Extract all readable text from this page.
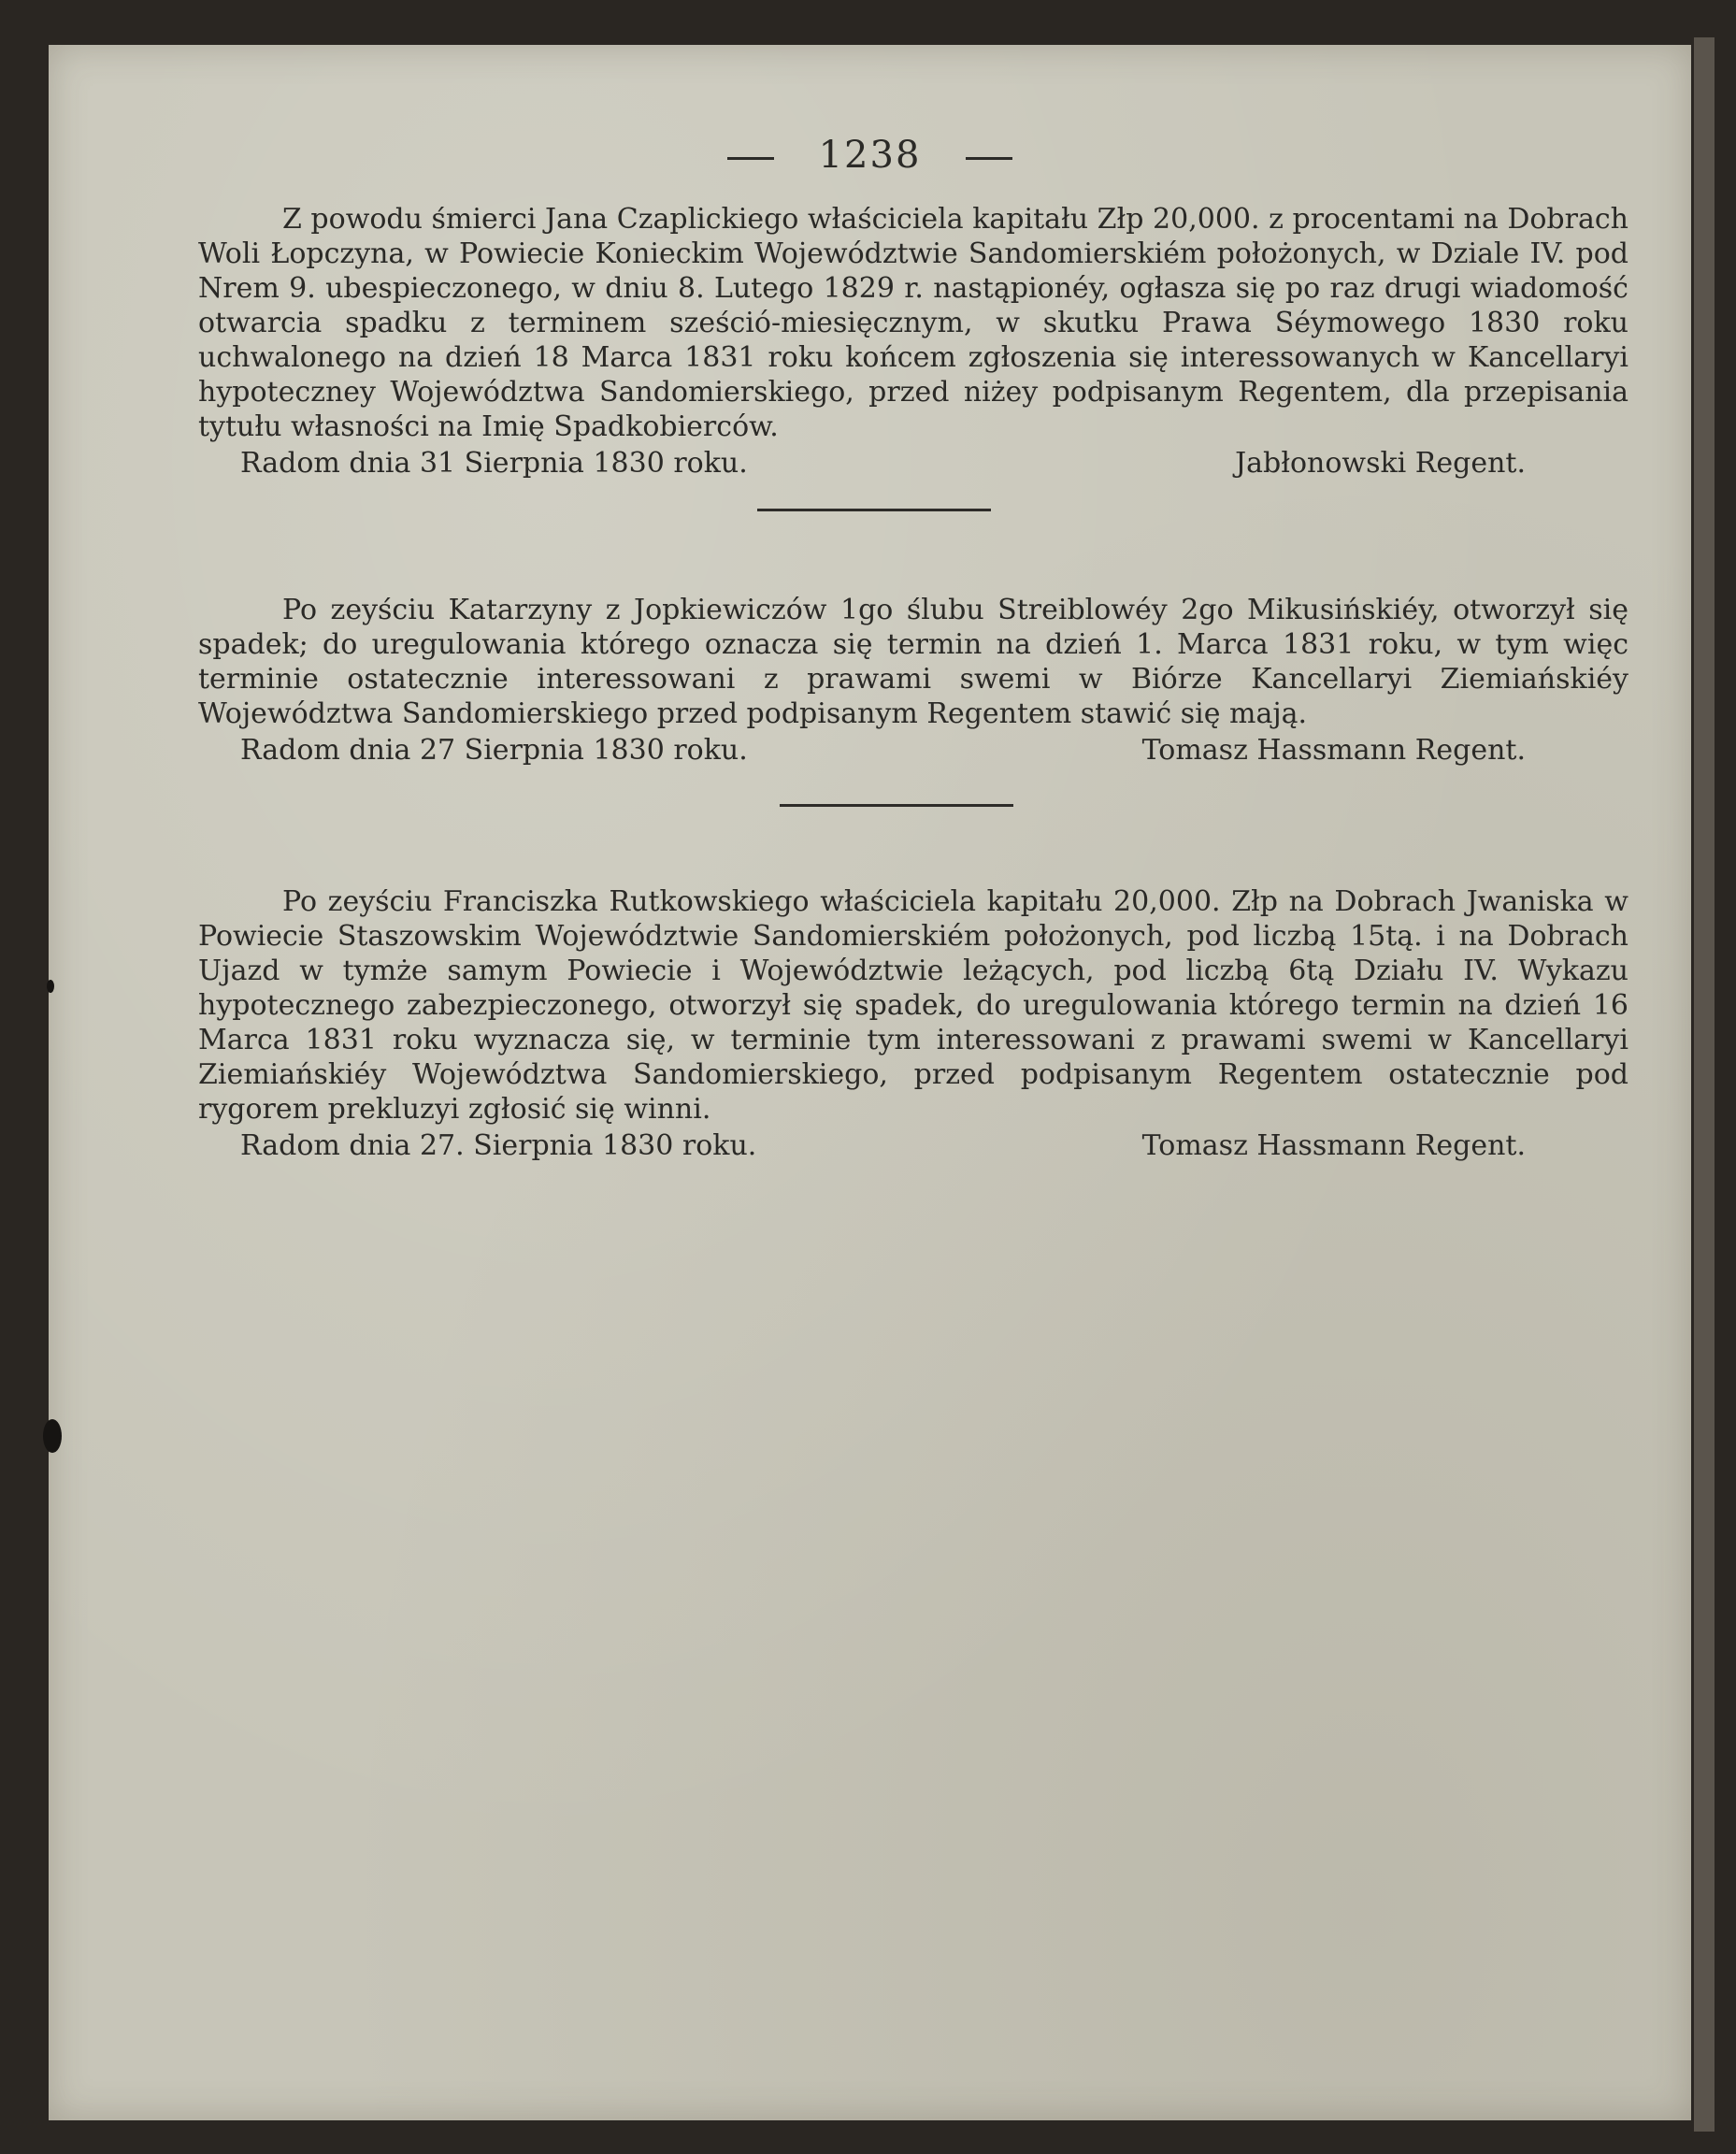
1238

Z powodu śmierci Jana Czaplickiego właściciela kapitału Złp 20,000. z procentami na Dobrach Woli Łopczyna, w Powiecie Konieckim Województwie Sandomierskiém położonych, w Dziale IV. pod Nrem 9. ubespieczonego, w dniu 8. Lutego 1829 r. nastąpionéy, ogłasza się po raz drugi wiadomość otwarcia spadku z terminem sześció-miesięcznym, w skutku Prawa Séymowego 1830 roku uchwalonego na dzień 18 Marca 1831 roku końcem zgłoszenia się interessowanych w Kancellaryi hypoteczney Województwa Sandomierskiego, przed niżey podpisanym Regentem, dla przepisania tytułu własności na Imię Spadkobierców.

Radom dnia 31 Sierpnia 1830 roku.	Jabłonowski Regent.

Po zeyściu Katarzyny z Jopkiewiczów 1go ślubu Streiblowéy 2go Mikusińskiéy, otworzył się spadek; do uregulowania którego oznacza się termin na dzień 1. Marca 1831 roku, w tym więc terminie ostatecznie interessowani z prawami swemi w Biórze Kancellaryi Ziemiańskiéy Województwa Sandomierskiego przed podpisanym Regentem stawić się mają.

Radom dnia 27 Sierpnia 1830 roku.	Tomasz Hassmann Regent.

Po zeyściu Franciszka Rutkowskiego właściciela kapitału 20,000. Złp na Dobrach Jwaniska w Powiecie Staszowskim Województwie Sandomierskiém położonych, pod liczbą 15tą. i na Dobrach Ujazd w tymże samym Powiecie i Województwie leżących, pod liczbą 6tą Działu IV. Wykazu hypotecznego zabezpieczonego, otworzył się spadek, do uregulowania którego termin na dzień 16 Marca 1831 roku wyznacza się, w terminie tym interessowani z prawami swemi w Kancellaryi Ziemiańskiéy Województwa Sandomierskiego, przed podpisanym Regentem ostatecznie pod rygorem prekluzyi zgłosić się winni.

Radom dnia 27. Sierpnia 1830 roku.	Tomasz Hassmann Regent.
